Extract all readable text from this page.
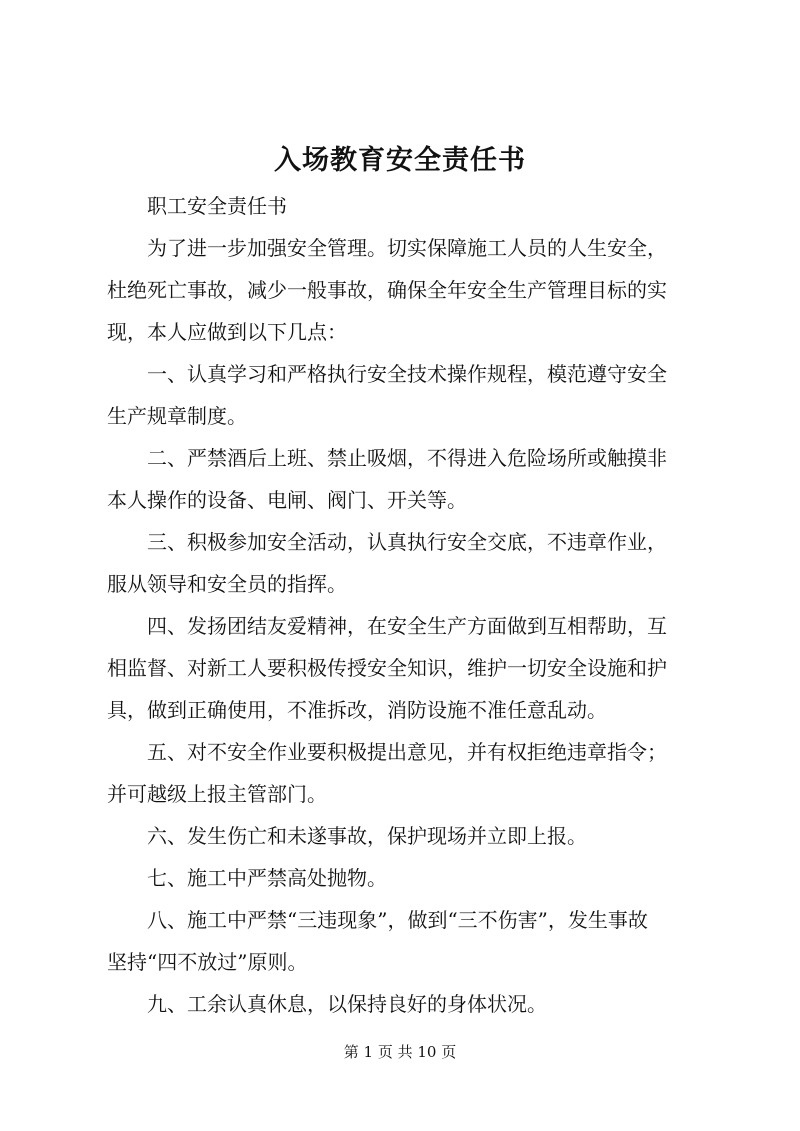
入场教育安全责任书
职工安全责任书
为了进一步加强安全管理。切实保障施工人员的人生安全，
杜绝死亡事故，减少一般事故，确保全年安全生产管理目标的实
现，本人应做到以下几点：
一、认真学习和严格执行安全技术操作规程，模范遵守安全
生产规章制度。
二、严禁酒后上班、禁止吸烟，不得进入危险场所或触摸非
本人操作的设备、电闸、阀门、开关等。
三、积极参加安全活动，认真执行安全交底，不违章作业，
服从领导和安全员的指挥。
四、发扬团结友爱精神，在安全生产方面做到互相帮助，互
相监督、对新工人要积极传授安全知识，维护一切安全设施和护
具，做到正确使用，不准拆改，消防设施不准任意乱动。
五、对不安全作业要积极提出意见，并有权拒绝违章指令；
并可越级上报主管部门。
六、发生伤亡和未遂事故，保护现场并立即上报。
七、施工中严禁高处抛物。
八、施工中严禁“三违现象”，做到“三不伤害”，发生事故
坚持“四不放过”原则。
九、工余认真休息，以保持良好的身体状况。
第 1 页 共 10 页
